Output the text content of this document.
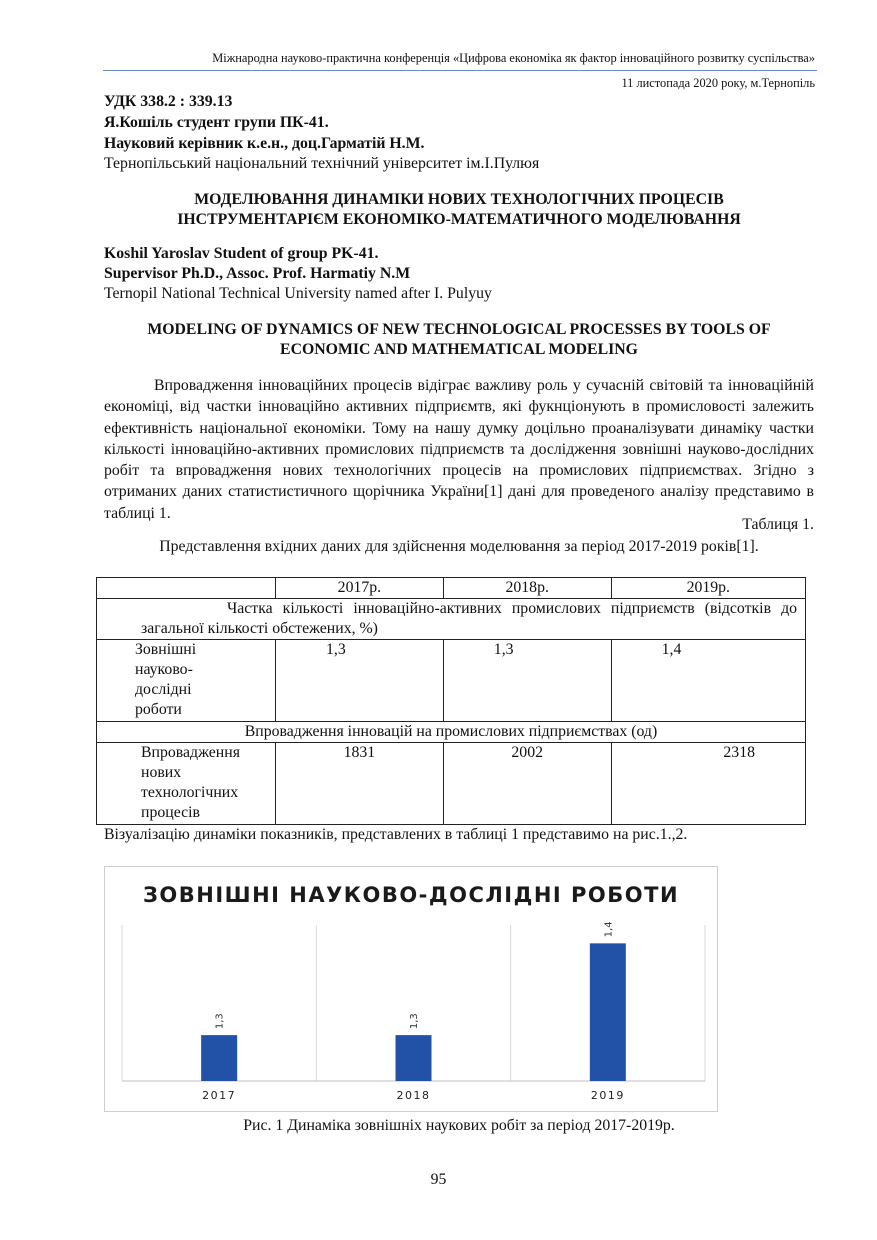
Міжнародна науково-практична конференція «Цифрова економіка як фактор інноваційного розвитку суспільства»
11 листопада 2020 року, м.Тернопіль
УДК 338.2 : 339.13
Я.Кошіль студент групи ПК-41.
Науковий керівник к.е.н., доц.Гарматій Н.М.
Тернопільський національний технічний університет ім.І.Пулюя
МОДЕЛЮВАННЯ ДИНАМІКИ НОВИХ ТЕХНОЛОГІЧНИХ ПРОЦЕСІВ
ІНСТРУМЕНТАРІЄМ ЕКОНОМІКО-МАТЕМАТИЧНОГО МОДЕЛЮВАННЯ
Koshil Yaroslav Student of group PK-41.
Supervisor Ph.D., Assoc. Prof. Harmatiy N.M
Ternopil National Technical University named after I. Pulyuy
MODELING OF DYNAMICS OF NEW TECHNOLOGICAL PROCESSES BY TOOLS OF
ECONOMIC AND MATHEMATICAL MODELING
Впровадження інноваційних процесів відіграє важливу роль у сучасній світовій та інноваційній економіці, від частки інноваційно активних підприємтв, які фукнціонують в промисловості залежить ефективність національної економіки. Тому на нашу думку доцільно проаналізувати динаміку частки кількості інноваційно-активних промислових підприємств та дослідження зовнішні науково-дослідних робіт та впровадження нових технологічних процесів на промислових підприємствах. Згідно з отриманих даних статистистичного щорічника України[1] дані для проведеного аналізу представимо в таблиці 1.
Таблиця 1.
Представлення вхідних даних для здійснення моделювання за період 2017-2019 років[1].
	2017р.	2018р.	2019р.

Частка кількості інноваційно-активних промислових підприємств (відсотків до загальної кількості обстежених, %)			

Зовнішні науково-дослідні роботи	1,3	1,3	1,4
Впровадження інновацій на промислових підприємствах (од)			

Впровадження нових технологічних процесів	1831	2002	2318
Візуалізацію динаміки показників, представлених в таблиці 1 представимо на рис.1.,2.
ЗОВНІШНІ НАУКОВО-ДОСЛІДНІ РОБОТИ
1,3	1,3
1,4
2017	2018	2019
Рис. 1 Динаміка зовнішніх наукових робіт за період 2017-2019р.
95
